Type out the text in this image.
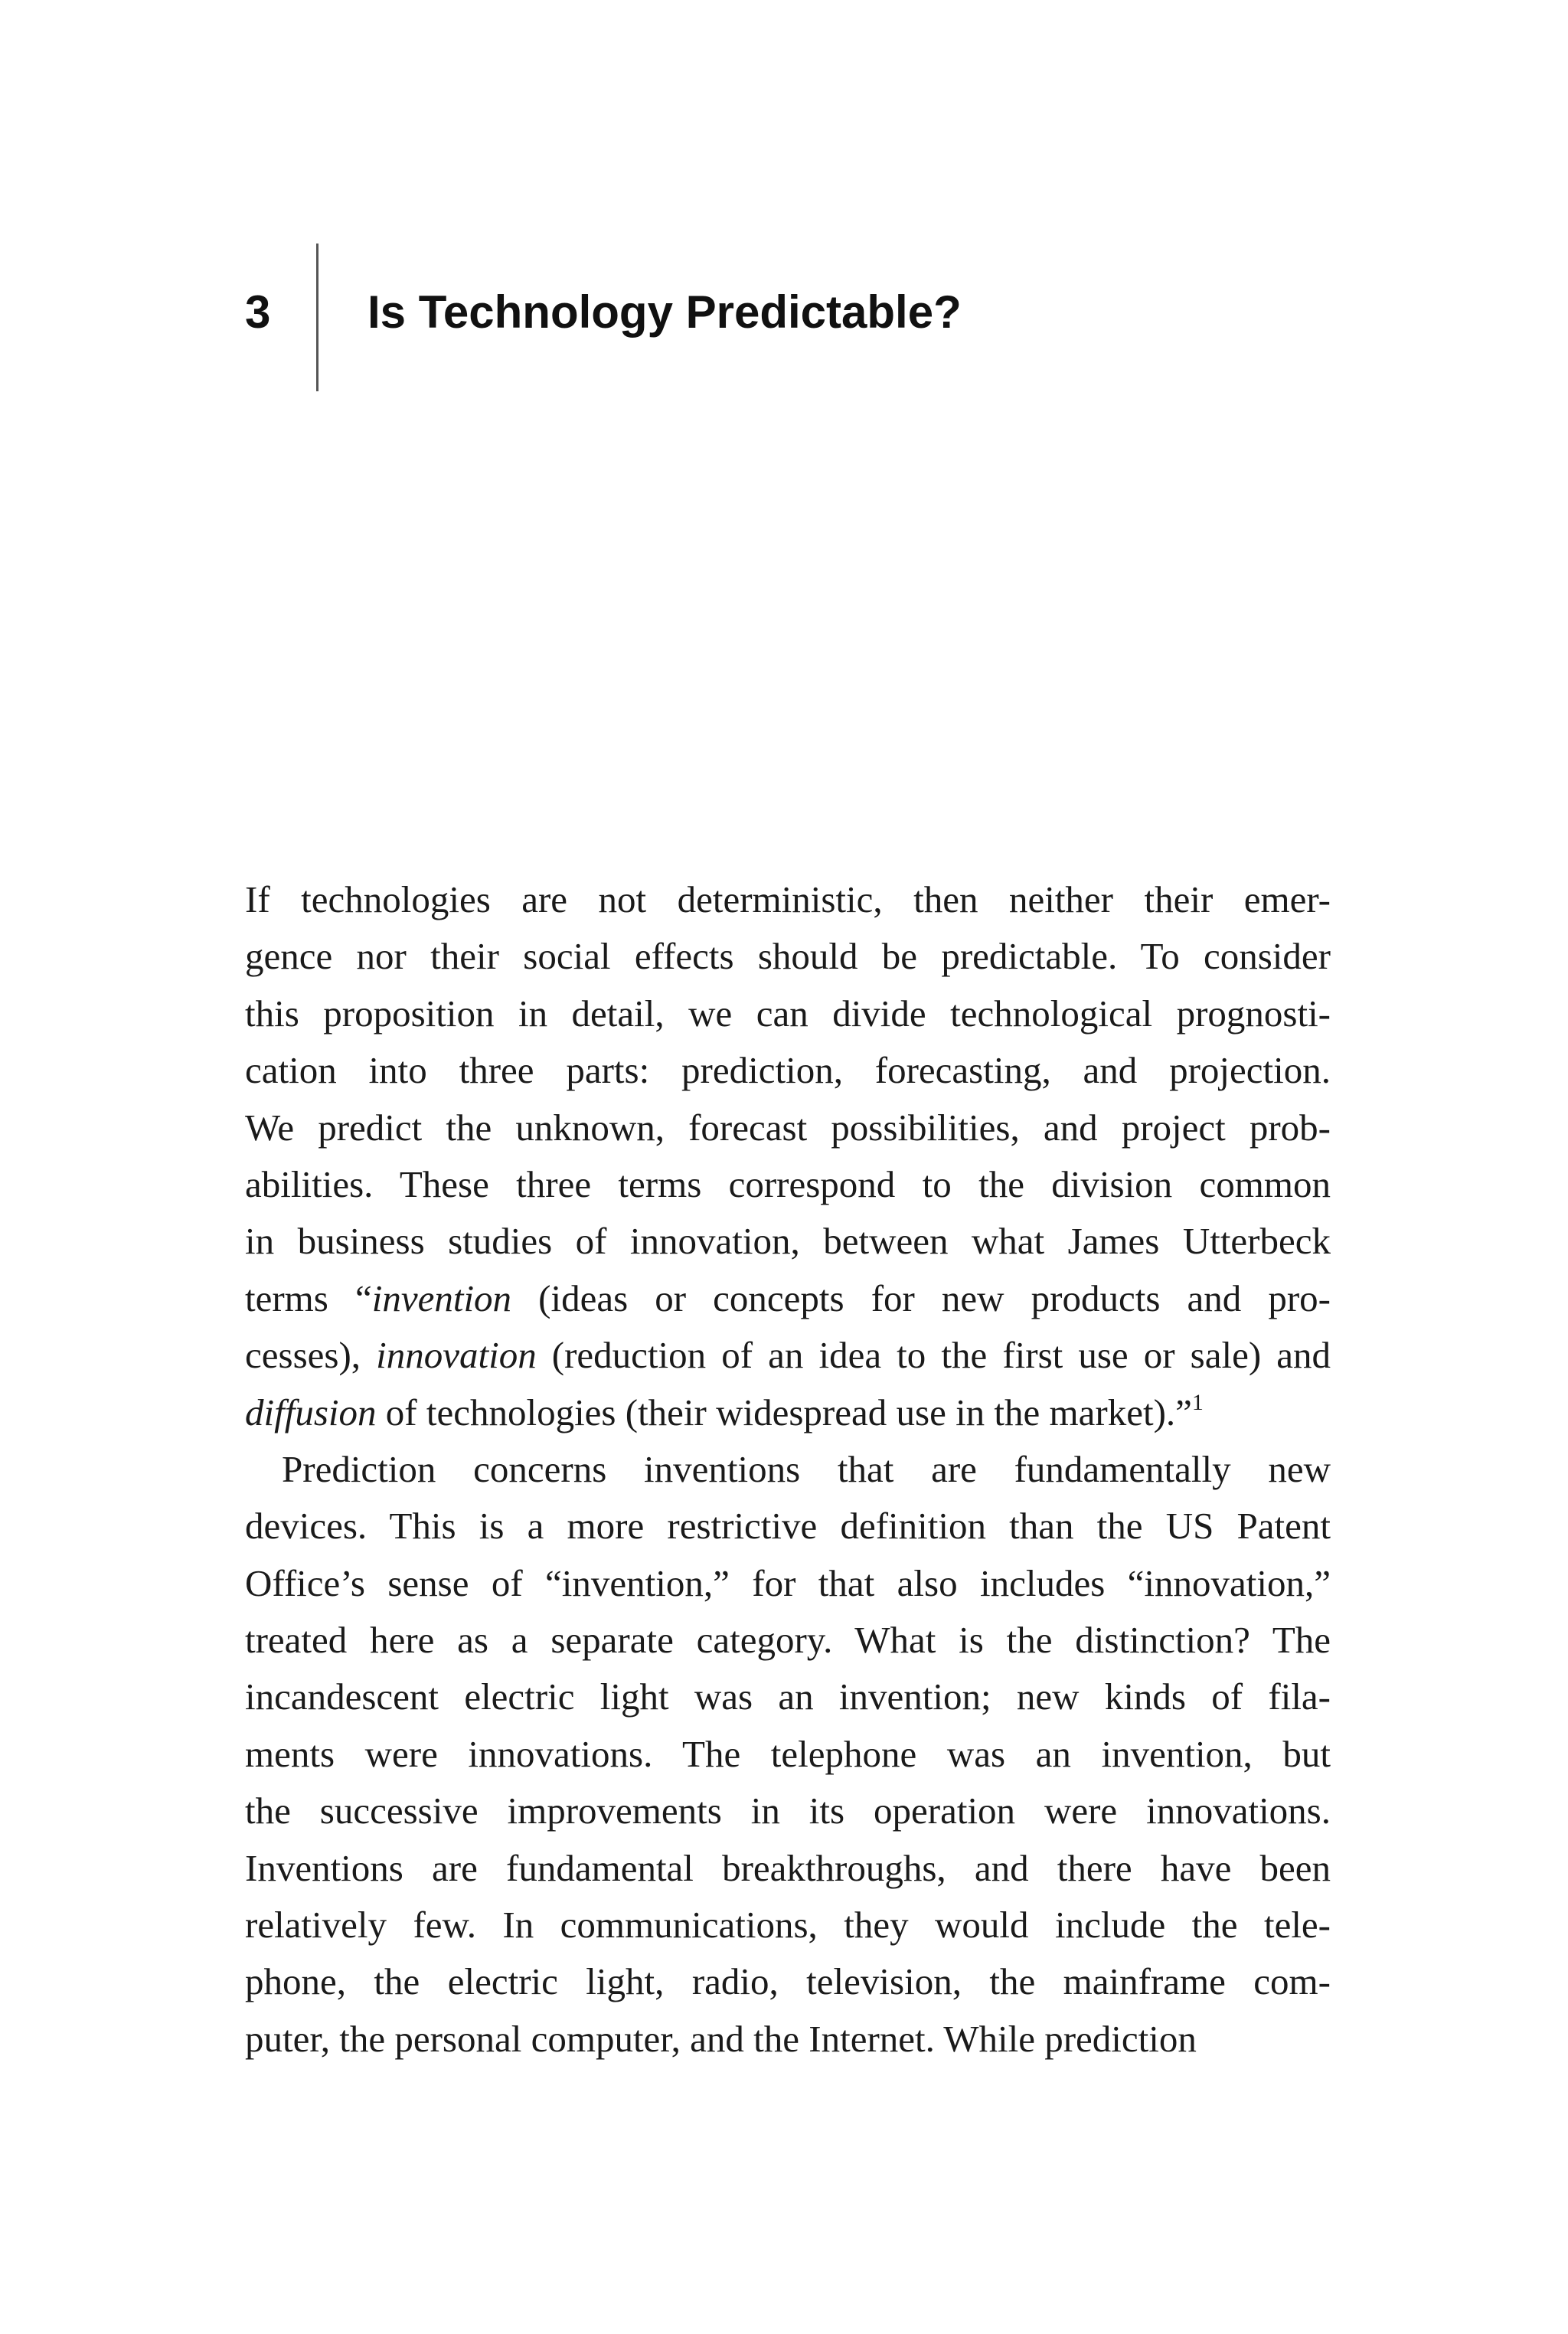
3 Is Technology Predictable?
If technologies are not deterministic, then neither their emer-
gence nor their social effects should be predictable. To consider
this proposition in detail, we can divide technological prognosti-
cation into three parts: prediction, forecasting, and projection.
We predict the unknown, forecast possibilities, and project prob-
abilities. These three terms correspond to the division common
in business studies of innovation, between what James Utterbeck
terms “invention (ideas or concepts for new products and pro-
cesses), innovation (reduction of an idea to the first use or sale) and
diffusion of technologies (their widespread use in the market).”$^1$
Prediction concerns inventions that are fundamentally new
devices. This is a more restrictive definition than the US Patent
Office’s sense of “invention,” for that also includes “innovation,”
treated here as a separate category. What is the distinction? The
incandescent electric light was an invention; new kinds of fila-
ments were innovations. The telephone was an invention, but
the successive improvements in its operation were innovations.
Inventions are fundamental breakthroughs, and there have been
relatively few. In communications, they would include the tele-
phone, the electric light, radio, television, the mainframe com-
puter, the personal computer, and the Internet. While prediction
